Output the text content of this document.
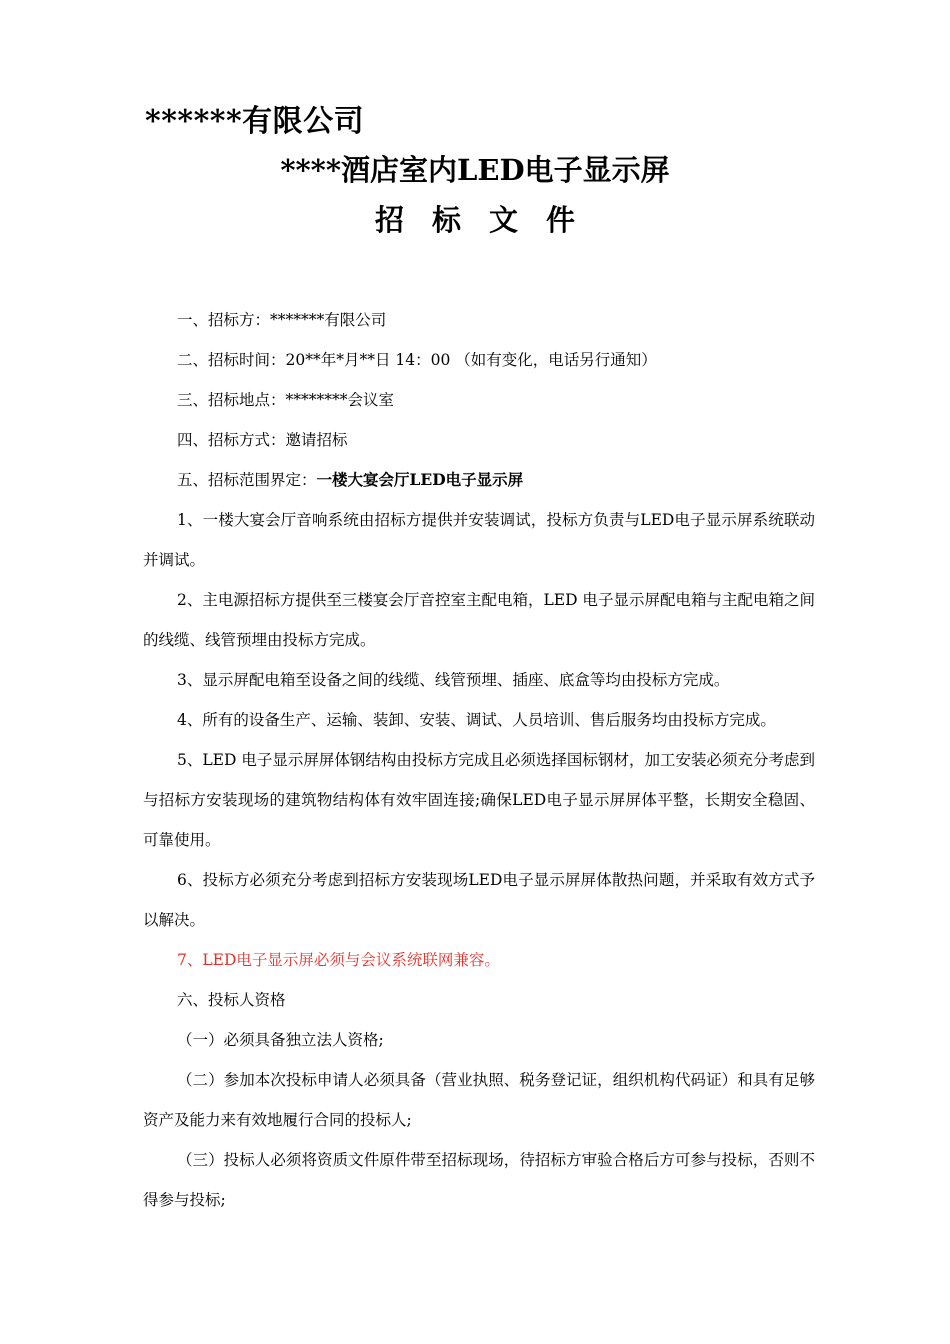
******有限公司
****酒店室内LED电子显示屏
招标文件

一、招标方：*******有限公司

二、招标时间：20**年*月**日 14：00 （如有变化，电话另行通知）

三、招标地点：********会议室

四、招标方式：邀请招标

五、招标范围界定：一楼大宴会厅LED电子显示屏

1、一楼大宴会厅音响系统由招标方提供并安装调试，投标方负责与LED电子显示屏系统联动并调试。

2、主电源招标方提供至三楼宴会厅音控室主配电箱，LED 电子显示屏配电箱与主配电箱之间的线缆、线管预埋由投标方完成。

3、显示屏配电箱至设备之间的线缆、线管预埋、插座、底盒等均由投标方完成。

4、所有的设备生产、运输、装卸、安装、调试、人员培训、售后服务均由投标方完成。

5、LED 电子显示屏屏体钢结构由投标方完成且必须选择国标钢材，加工安装必须充分考虑到与招标方安装现场的建筑物结构体有效牢固连接;确保LED电子显示屏屏体平整，长期安全稳固、可靠使用。

6、投标方必须充分考虑到招标方安装现场LED电子显示屏屏体散热问题，并采取有效方式予以解决。

7、LED电子显示屏必须与会议系统联网兼容。

六、投标人资格

（一）必须具备独立法人资格;

（二）参加本次投标申请人必须具备（营业执照、税务登记证，组织机构代码证）和具有足够资产及能力来有效地履行合同的投标人;

（三）投标人必须将资质文件原件带至招标现场，待招标方审验合格后方可参与投标，否则不得参与投标;
